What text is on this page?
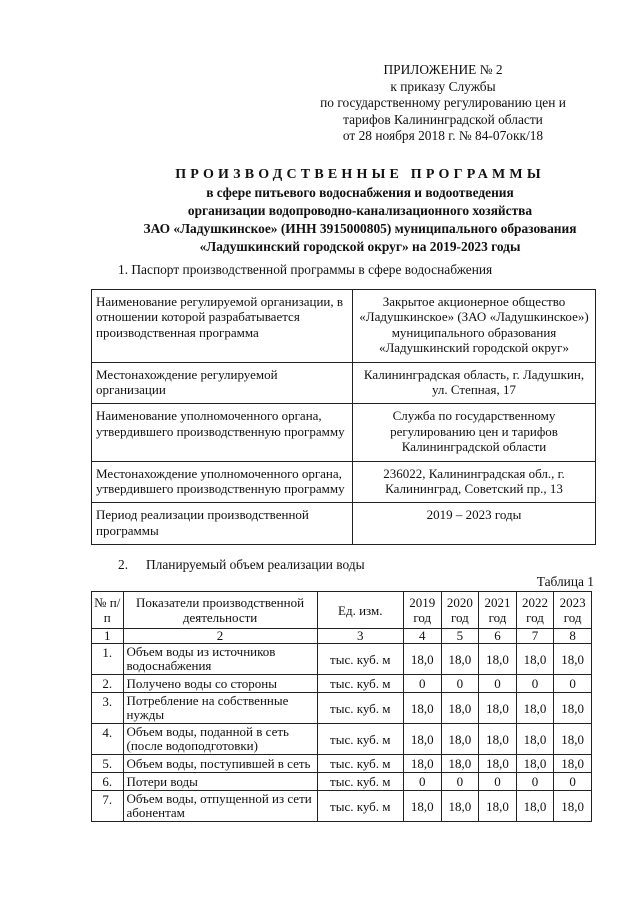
ПРИЛОЖЕНИЕ № 2
к приказу Службы
по государственному регулированию цен и
тарифов Калининградской области
от 28 ноября 2018 г. № 84-07окк/18
ПРОИЗВОДСТВЕННЫЕ ПРОГРАММЫ
в сфере питьевого водоснабжения и водоотведения
организации водопроводно-канализационного хозяйства
ЗАО «Ладушкинское» (ИНН 3915000805) муниципального образования
«Ладушкинский городской округ» на 2019-2023 годы
1. Паспорт производственной программы в сфере водоснабжения
Наименование регулируемой организации, в отношении которой разрабатывается производственная программа	Закрытое акционерное общество «Ладушкинское» (ЗАО «Ладушкинское») муниципального образования «Ладушкинский городской округ»
Местонахождение регулируемой организации	Калининградская область, г. Ладушкин, ул. Степная, 17
Наименование уполномоченного органа, утвердившего производственную программу	Служба по государственному регулированию цен и тарифов Калининградской области
Местонахождение уполномоченного органа, утвердившего производственную программу	236022, Калининградская обл., г. Калининград, Советский пр., 13
Период реализации производственной программы	2019 – 2023 годы
2. Планируемый объем реализации воды
Таблица 1
№ п/п	Показатели производственной деятельности	Ед. изм.	2019 год	2020 год	2021 год	2022 год	2023 год
1	2	3	4	5	6	7	8
1.	Объем воды из источников водоснабжения	тыс. куб. м	18,0	18,0	18,0	18,0	18,0
2.	Получено воды со стороны	тыс. куб. м	0	0	0	0	0
3.	Потребление на собственные нужды	тыс. куб. м	18,0	18,0	18,0	18,0	18,0
4.	Объем воды, поданной в сеть (после водоподготовки)	тыс. куб. м	18,0	18,0	18,0	18,0	18,0
5.	Объем воды, поступившей в сеть	тыс. куб. м	18,0	18,0	18,0	18,0	18,0
6.	Потери воды	тыс. куб. м	0	0	0	0	0
7.	Объем воды, отпущенной из сети абонентам	тыс. куб. м	18,0	18,0	18,0	18,0	18,0
